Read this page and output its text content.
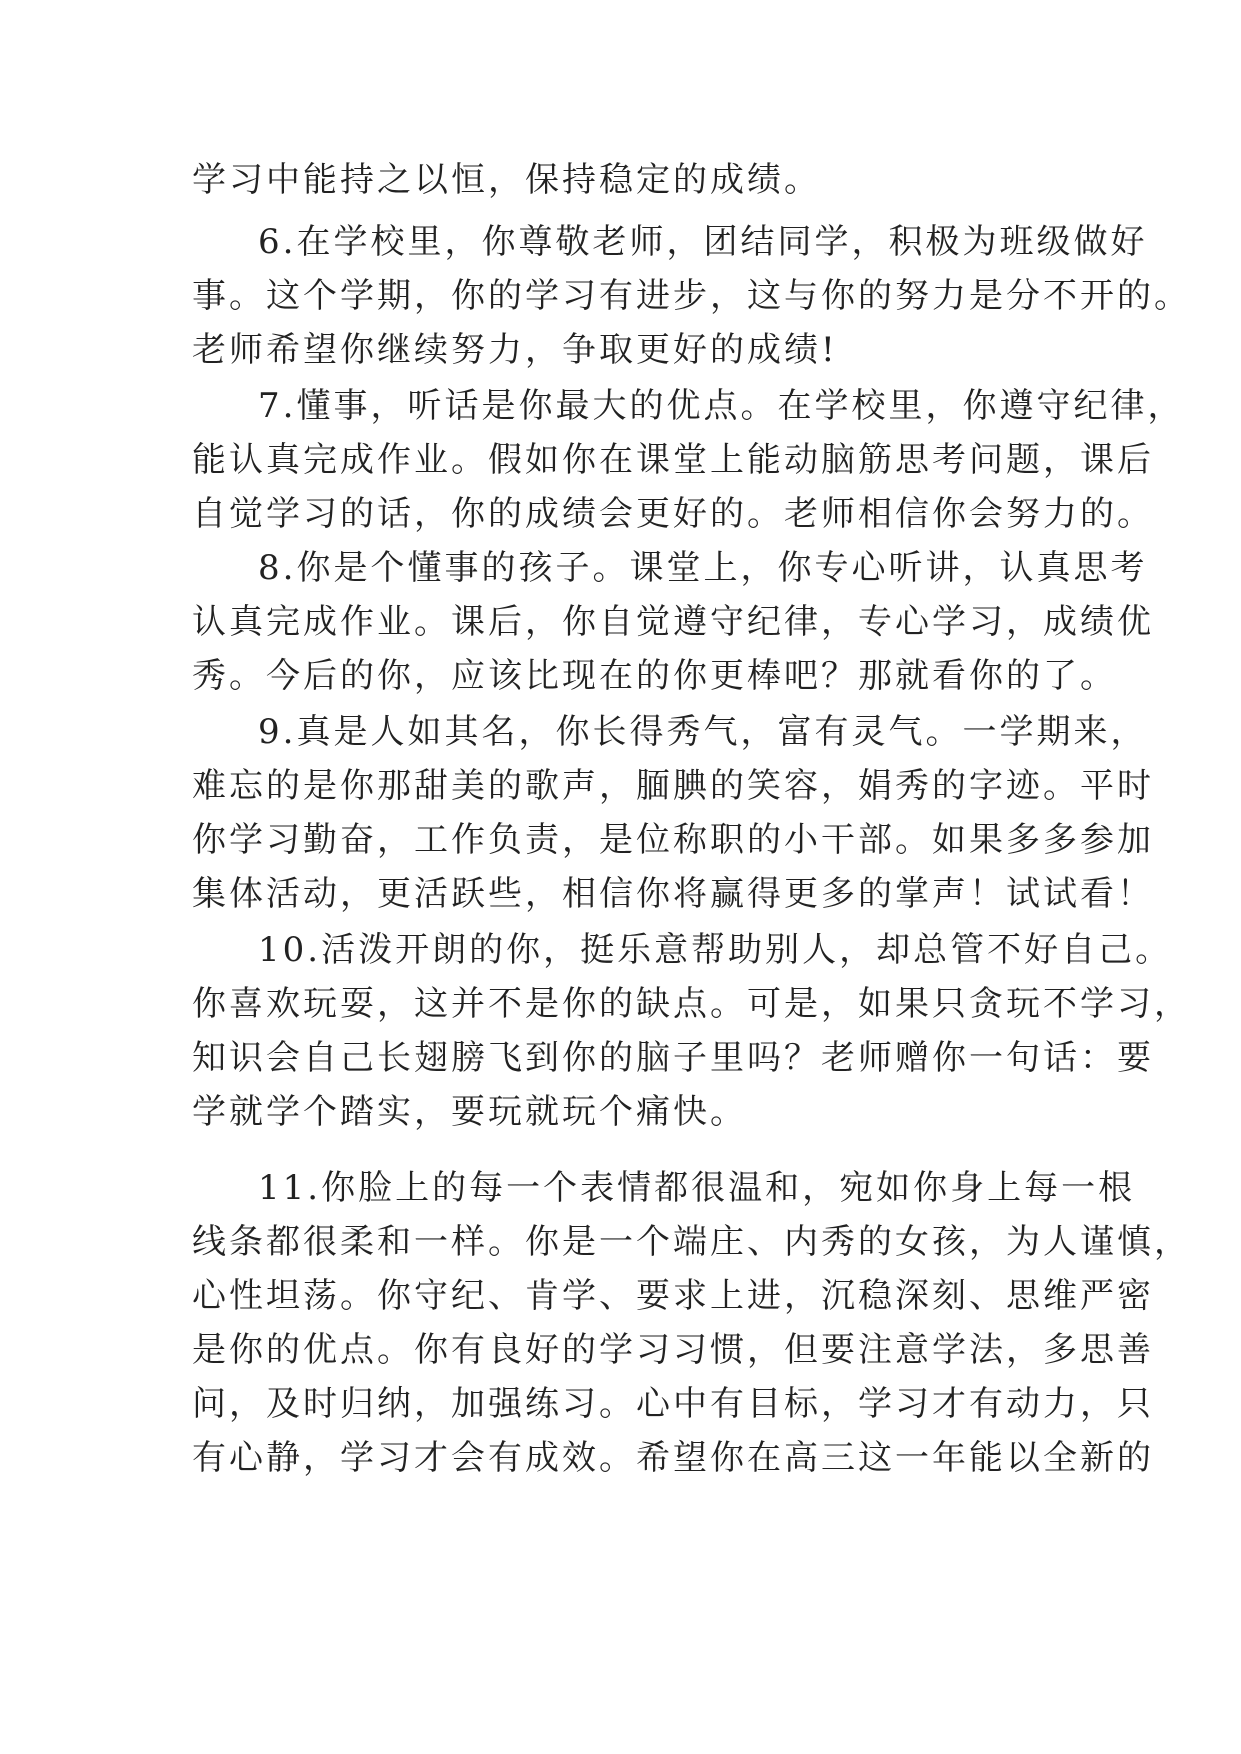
学习中能持之以恒，保持稳定的成绩。
6.在学校里，你尊敬老师，团结同学，积极为班级做好
事。这个学期，你的学习有进步，这与你的努力是分不开的。
老师希望你继续努力，争取更好的成绩!
7.懂事，听话是你最大的优点。在学校里，你遵守纪律，
能认真完成作业。假如你在课堂上能动脑筋思考问题，课后
自觉学习的话，你的成绩会更好的。老师相信你会努力的。
8.你是个懂事的孩子。课堂上，你专心听讲，认真思考
认真完成作业。课后，你自觉遵守纪律，专心学习，成绩优
秀。今后的你，应该比现在的你更棒吧？那就看你的了。
9.真是人如其名，你长得秀气，富有灵气。一学期来，
难忘的是你那甜美的歌声，腼腆的笑容，娟秀的字迹。平时
你学习勤奋，工作负责，是位称职的小干部。如果多多参加
集体活动，更活跃些，相信你将赢得更多的掌声！试试看！
10.活泼开朗的你，挺乐意帮助别人，却总管不好自己。
你喜欢玩耍，这并不是你的缺点。可是，如果只贪玩不学习，
知识会自己长翅膀飞到你的脑子里吗？老师赠你一句话：要
学就学个踏实，要玩就玩个痛快。
11.你脸上的每一个表情都很温和，宛如你身上每一根
线条都很柔和一样。你是一个端庄、内秀的女孩，为人谨慎，
心性坦荡。你守纪、肯学、要求上进，沉稳深刻、思维严密
是你的优点。你有良好的学习习惯，但要注意学法，多思善
问，及时归纳，加强练习。心中有目标，学习才有动力，只
有心静，学习才会有成效。希望你在高三这一年能以全新的
